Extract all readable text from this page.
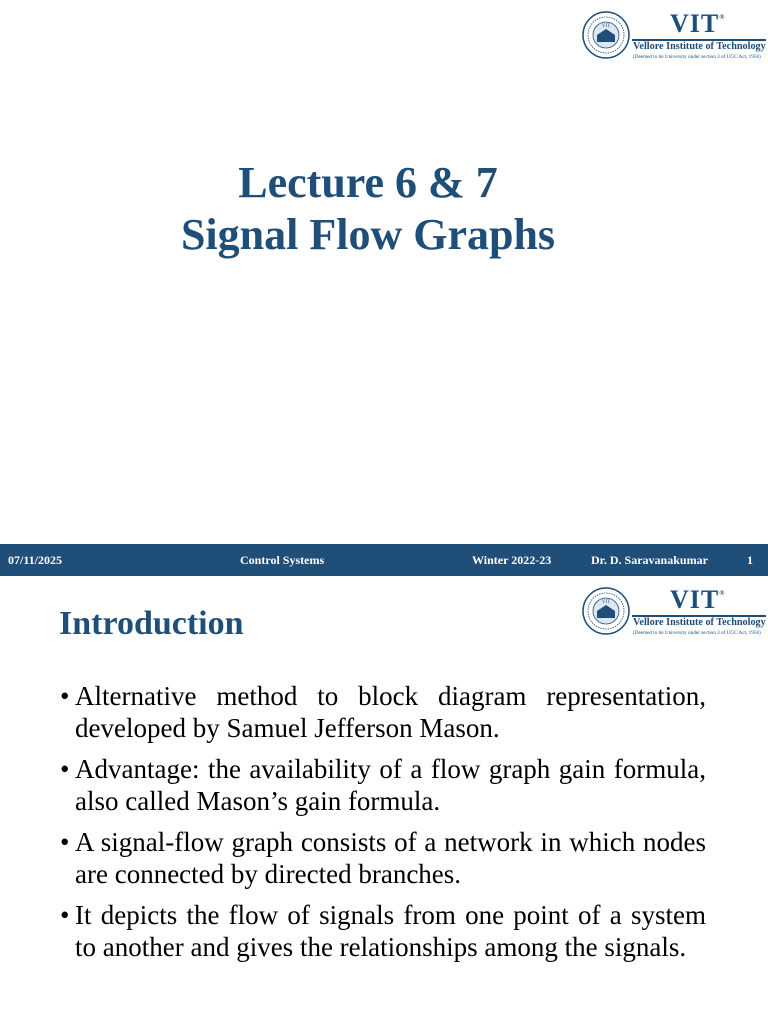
VIT VIT®
Vellore Institute of Technology
(Deemed to be University under section 3 of UGC Act, 1956)
Lecture 6 & 7
Signal Flow Graphs
07/11/2025	Control Systems	Winter 2022-23	Dr. D. Saravanakumar	1
VIT VIT®
Vellore Institute of Technology
(Deemed to be University under section 3 of UGC Act, 1956)
Introduction
• Alternative method to block diagram representation, developed by Samuel Jefferson Mason.
• Advantage: the availability of a flow graph gain formula, also called Mason’s gain formula.
• A signal-flow graph consists of a network in which nodes are connected by directed branches.
• It depicts the flow of signals from one point of a system to another and gives the relationships among the signals.
